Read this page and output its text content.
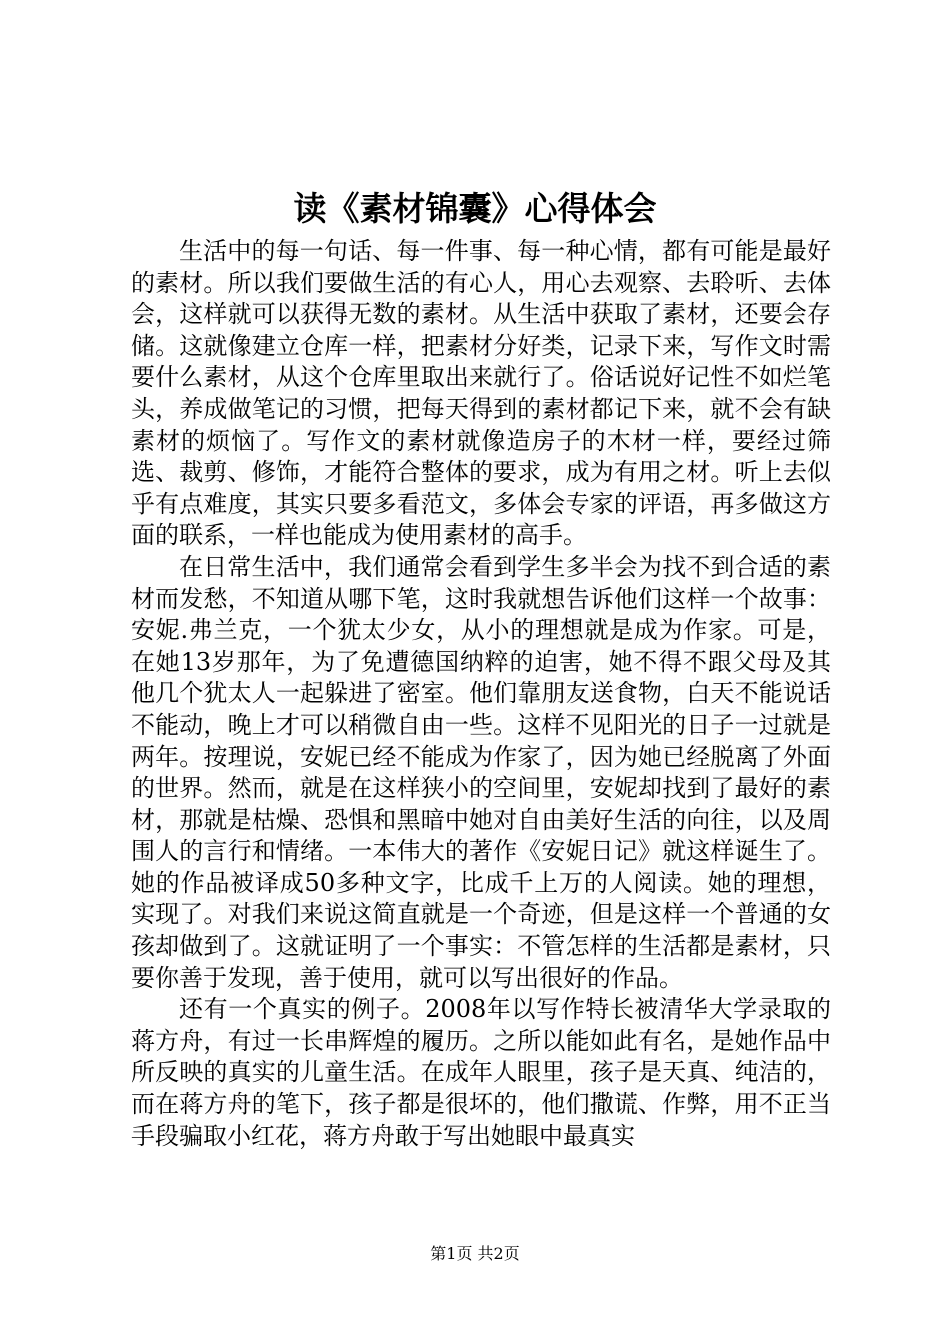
读《素材锦囊》心得体会

生活中的每一句话、每一件事、每一种心情，都有可能是最好的素材。所以我们要做生活的有心人，用心去观察、去聆听、去体会，这样就可以获得无数的素材。从生活中获取了素材，还要会存储。这就像建立仓库一样，把素材分好类，记录下来，写作文时需要什么素材，从这个仓库里取出来就行了。俗话说好记性不如烂笔头，养成做笔记的习惯，把每天得到的素材都记下来，就不会有缺素材的烦恼了。写作文的素材就像造房子的木材一样，要经过筛选、裁剪、修饰，才能符合整体的要求，成为有用之材。听上去似乎有点难度，其实只要多看范文，多体会专家的评语，再多做这方面的联系，一样也能成为使用素材的高手。

在日常生活中，我们通常会看到学生多半会为找不到合适的素材而发愁，不知道从哪下笔，这时我就想告诉他们这样一个故事：安妮.弗兰克，一个犹太少女，从小的理想就是成为作家。可是，在她13岁那年，为了免遭德国纳粹的迫害，她不得不跟父母及其他几个犹太人一起躲进了密室。他们靠朋友送食物，白天不能说话不能动，晚上才可以稍微自由一些。这样不见阳光的日子一过就是两年。按理说，安妮已经不能成为作家了，因为她已经脱离了外面的世界。然而，就是在这样狭小的空间里，安妮却找到了最好的素材，那就是枯燥、恐惧和黑暗中她对自由美好生活的向往，以及周围人的言行和情绪。一本伟大的著作《安妮日记》就这样诞生了。她的作品被译成50多种文字，比成千上万的人阅读。她的理想，实现了。对我们来说这简直就是一个奇迹，但是这样一个普通的女孩却做到了。这就证明了一个事实：不管怎样的生活都是素材，只要你善于发现，善于使用，就可以写出很好的作品。

还有一个真实的例子。2008年以写作特长被清华大学录取的蒋方舟，有过一长串辉煌的履历。之所以能如此有名，是她作品中所反映的真实的儿童生活。在成年人眼里，孩子是天真、纯洁的，而在蒋方舟的笔下，孩子都是很坏的，他们撒谎、作弊，用不正当手段骗取小红花，蒋方舟敢于写出她眼中最真实

第1页 共2页
